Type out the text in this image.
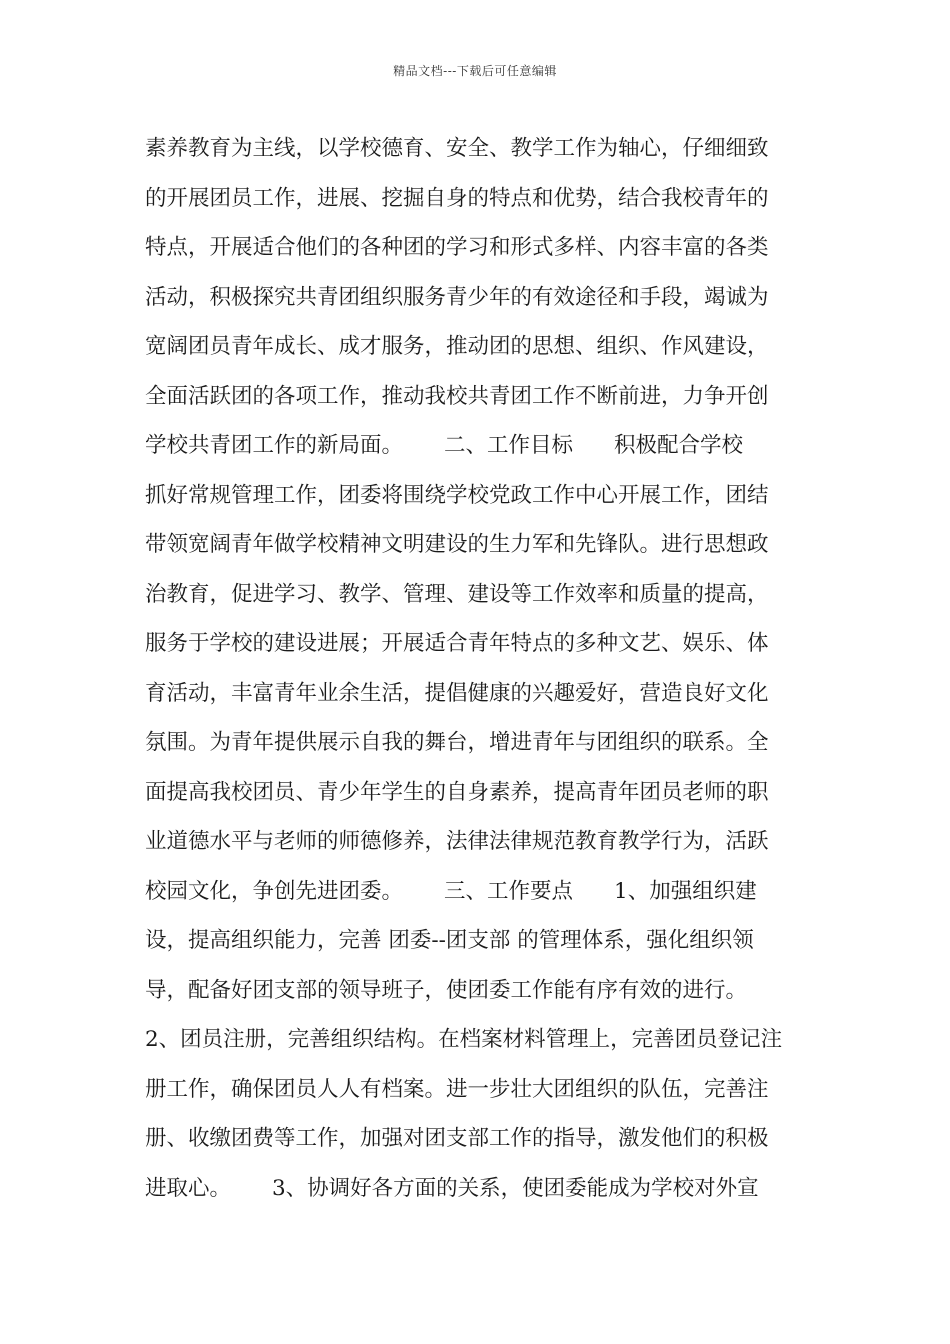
精品文档---下载后可任意编辑
素养教育为主线，以学校德育、安全、教学工作为轴心，仔细细致
的开展团员工作，进展、挖掘自身的特点和优势，结合我校青年的
特点，开展适合他们的各种团的学习和形式多样、内容丰富的各类
活动，积极探究共青团组织服务青少年的有效途径和手段，竭诚为
宽阔团员青年成长、成才服务，推动团的思想、组织、作风建设，
全面活跃团的各项工作，推动我校共青团工作不断前进，力争开创
学校共青团工作的新局面。      二、工作目标      积极配合学校
抓好常规管理工作，团委将围绕学校党政工作中心开展工作，团结
带领宽阔青年做学校精神文明建设的生力军和先锋队。进行思想政
治教育，促进学习、教学、管理、建设等工作效率和质量的提高，
服务于学校的建设进展；开展适合青年特点的多种文艺、娱乐、体
育活动，丰富青年业余生活，提倡健康的兴趣爱好，营造良好文化
氛围。为青年提供展示自我的舞台，增进青年与团组织的联系。全
面提高我校团员、青少年学生的自身素养，提高青年团员老师的职
业道德水平与老师的师德修养，法律法律规范教育教学行为，活跃
校园文化，争创先进团委。      三、工作要点      1、加强组织建
设，提高组织能力，完善 团委--团支部 的管理体系，强化组织领
导，配备好团支部的领导班子，使团委工作能有序有效的进行。
2、团员注册，完善组织结构。在档案材料管理上，完善团员登记注
册工作，确保团员人人有档案。进一步壮大团组织的队伍，完善注
册、收缴团费等工作，加强对团支部工作的指导，激发他们的积极
进取心。      3、协调好各方面的关系，使团委能成为学校对外宣
